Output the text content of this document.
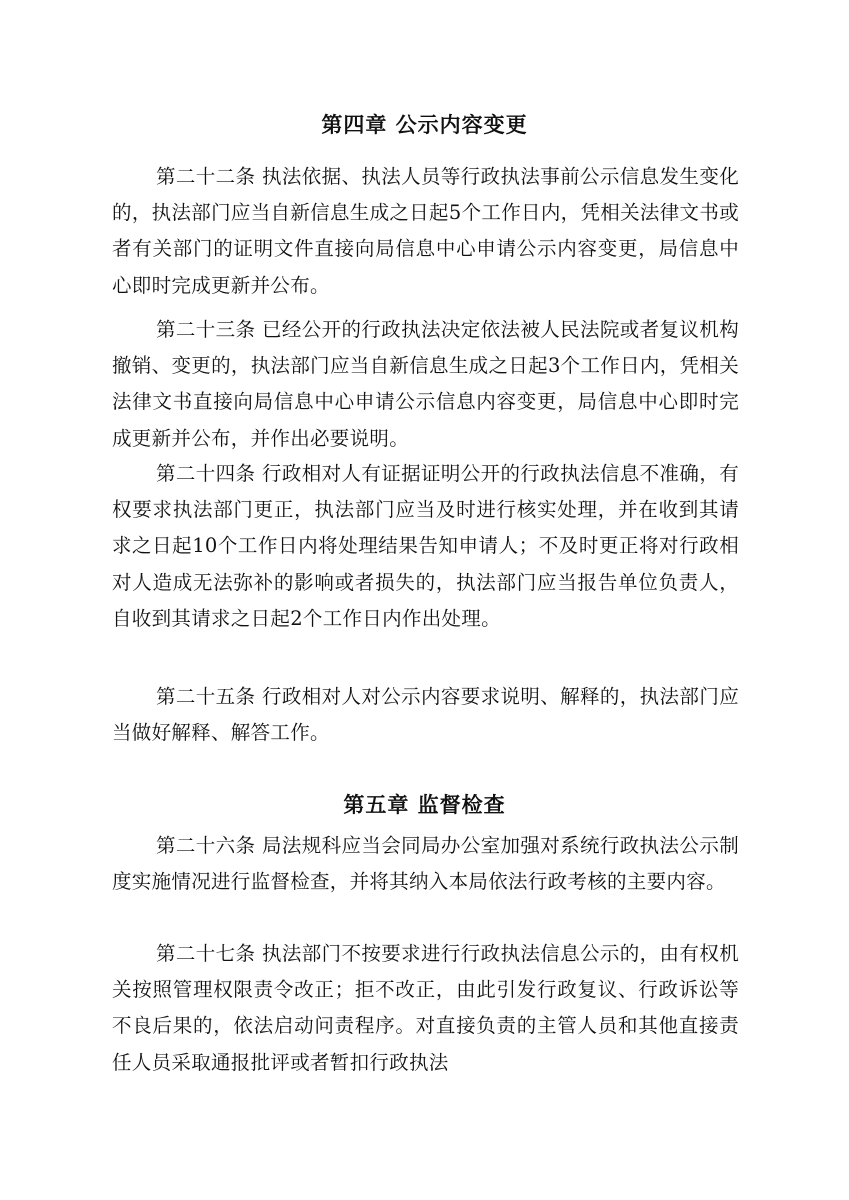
第四章 公示内容变更

第二十二条 执法依据、执法人员等行政执法事前公示信息发生变化的，执法部门应当自新信息生成之日起5个工作日内，凭相关法律文书或者有关部门的证明文件直接向局信息中心申请公示内容变更，局信息中心即时完成更新并公布。

第二十三条 已经公开的行政执法决定依法被人民法院或者复议机构撤销、变更的，执法部门应当自新信息生成之日起3个工作日内，凭相关法律文书直接向局信息中心申请公示信息内容变更，局信息中心即时完成更新并公布，并作出必要说明。

第二十四条 行政相对人有证据证明公开的行政执法信息不准确，有权要求执法部门更正，执法部门应当及时进行核实处理，并在收到其请求之日起10个工作日内将处理结果告知申请人；不及时更正将对行政相对人造成无法弥补的影响或者损失的，执法部门应当报告单位负责人，自收到其请求之日起2个工作日内作出处理。

第二十五条 行政相对人对公示内容要求说明、解释的，执法部门应当做好解释、解答工作。

第五章 监督检查

第二十六条 局法规科应当会同局办公室加强对系统行政执法公示制度实施情况进行监督检查，并将其纳入本局依法行政考核的主要内容。

第二十七条 执法部门不按要求进行行政执法信息公示的，由有权机关按照管理权限责令改正；拒不改正，由此引发行政复议、行政诉讼等不良后果的，依法启动问责程序。对直接负责的主管人员和其他直接责任人员采取通报批评或者暂扣行政执法
